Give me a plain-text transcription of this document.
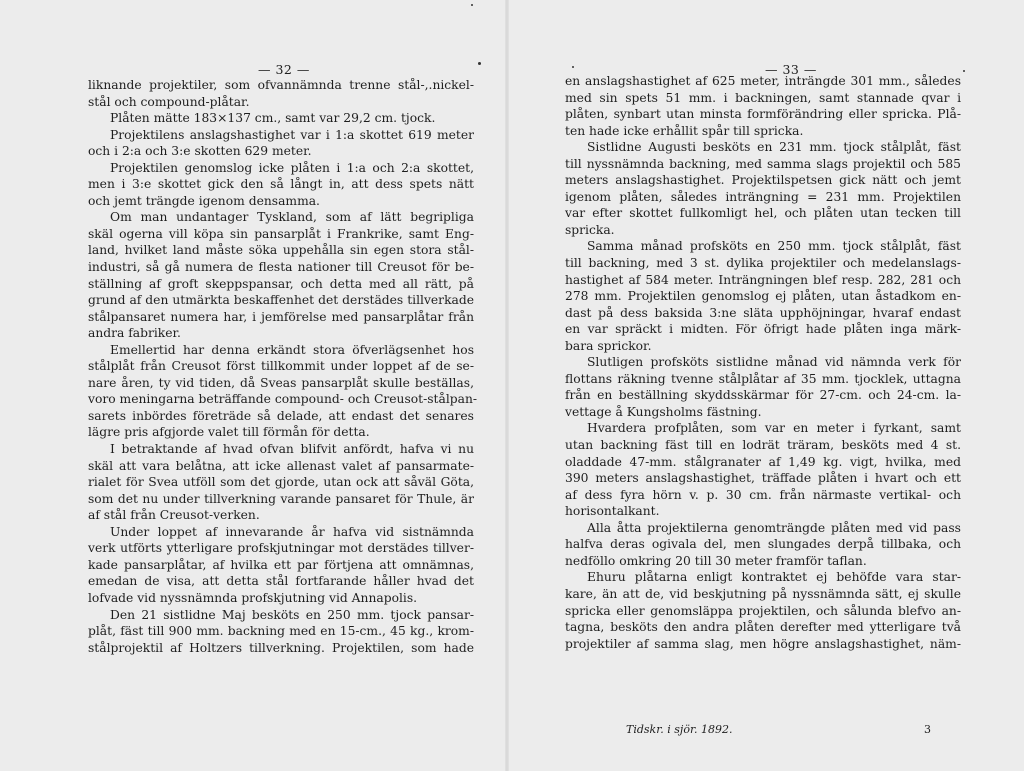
— 32 —
liknande projektiler, som ofvannämnda trenne stål-,.nickel-
stål och compound-plåtar.
Plåten mätte 183×137 cm., samt var 29,2 cm. tjock.
Projektilens anslagshastighet var i 1:a skottet 619 meter
och i 2:a och 3:e skotten 629 meter.
Projektilen genomslog icke plåten i 1:a och 2:a skottet,
men i 3:e skottet gick den så långt in, att dess spets nätt
och jemt trängde igenom densamma.
Om man undantager Tyskland, som af lätt begripliga
skäl ogerna vill köpa sin pansarplåt i Frankrike, samt Eng-
land, hvilket land måste söka uppehålla sin egen stora stål-
industri, så gå numera de flesta nationer till Creusot för be-
ställning af groft skeppspansar, och detta med all rätt, på
grund af den utmärkta beskaffenhet det derstädes tillverkade
stålpansaret numera har, i jemförelse med pansarplåtar från
andra fabriker.
Emellertid har denna erkändt stora öfverlägsenhet hos
stålplåt från Creusot först tillkommit under loppet af de se-
nare åren, ty vid tiden, då Sveas pansarplåt skulle beställas,
voro meningarna beträffande compound- och Creusot-stålpan-
sarets inbördes företräde så delade, att endast det senares
lägre pris afgjorde valet till förmån för detta.
I betraktande af hvad ofvan blifvit anfördt, hafva vi nu
skäl att vara belåtna, att icke allenast valet af pansarmate-
rialet för Svea utföll som det gjorde, utan ock att såväl Göta,
som det nu under tillverkning varande pansaret för Thule, är
af stål från Creusot-verken.
Under loppet af innevarande år hafva vid sistnämnda
verk utförts ytterligare profskjutningar mot derstädes tillver-
kade pansarplåtar, af hvilka ett par förtjena att omnämnas,
emedan de visa, att detta stål fortfarande håller hvad det
lofvade vid nyssnämnda profskjutning vid Annapolis.
Den 21 sistlidne Maj besköts en 250 mm. tjock pansar-
plåt, fäst till 900 mm. backning med en 15-cm., 45 kg., krom-
stålprojektil af Holtzers tillverkning. Projektilen, som hade
— 33 —
en anslagshastighet af 625 meter, inträngde 301 mm., således
med sin spets 51 mm. i backningen, samt stannade qvar i
plåten, synbart utan minsta formförändring eller spricka. Plå-
ten hade icke erhållit spår till spricka.
Sistlidne Augusti besköts en 231 mm. tjock stålplåt, fäst
till nyssnämnda backning, med samma slags projektil och 585
meters anslagshastighet. Projektilspetsen gick nätt och jemt
igenom plåten, således inträngning = 231 mm. Projektilen
var efter skottet fullkomligt hel, och plåten utan tecken till
spricka.
Samma månad profsköts en 250 mm. tjock stålplåt, fäst
till backning, med 3 st. dylika projektiler och medelanslags-
hastighet af 584 meter. Inträngningen blef resp. 282, 281 och
278 mm. Projektilen genomslog ej plåten, utan åstadkom en-
dast på dess baksida 3:ne släta upphöjningar, hvaraf endast
en var spräckt i midten. För öfrigt hade plåten inga märk-
bara sprickor.
Slutligen profsköts sistlidne månad vid nämnda verk för
flottans räkning tvenne stålplåtar af 35 mm. tjocklek, uttagna
från en beställning skyddsskärmar för 27-cm. och 24-cm. la-
vettage å Kungsholms fästning.
Hvardera profplåten, som var en meter i fyrkant, samt
utan backning fäst till en lodrät träram, besköts med 4 st.
oladdade 47-mm. stålgranater af 1,49 kg. vigt, hvilka, med
390 meters anslagshastighet, träffade plåten i hvart och ett
af dess fyra hörn v. p. 30 cm. från närmaste vertikal- och
horisontalkant.
Alla åtta projektilerna genomträngde plåten med vid pass
halfva deras ogivala del, men slungades derpå tillbaka, och
nedföllo omkring 20 till 30 meter framför taflan.
Ehuru plåtarna enligt kontraktet ej behöfde vara star-
kare, än att de, vid beskjutning på nyssnämnda sätt, ej skulle
spricka eller genomsläppa projektilen, och sålunda blefvo an-
tagna, besköts den andra plåten derefter med ytterligare två
projektiler af samma slag, men högre anslagshastighet, näm-
Tidskr. i sjör. 1892.	3
